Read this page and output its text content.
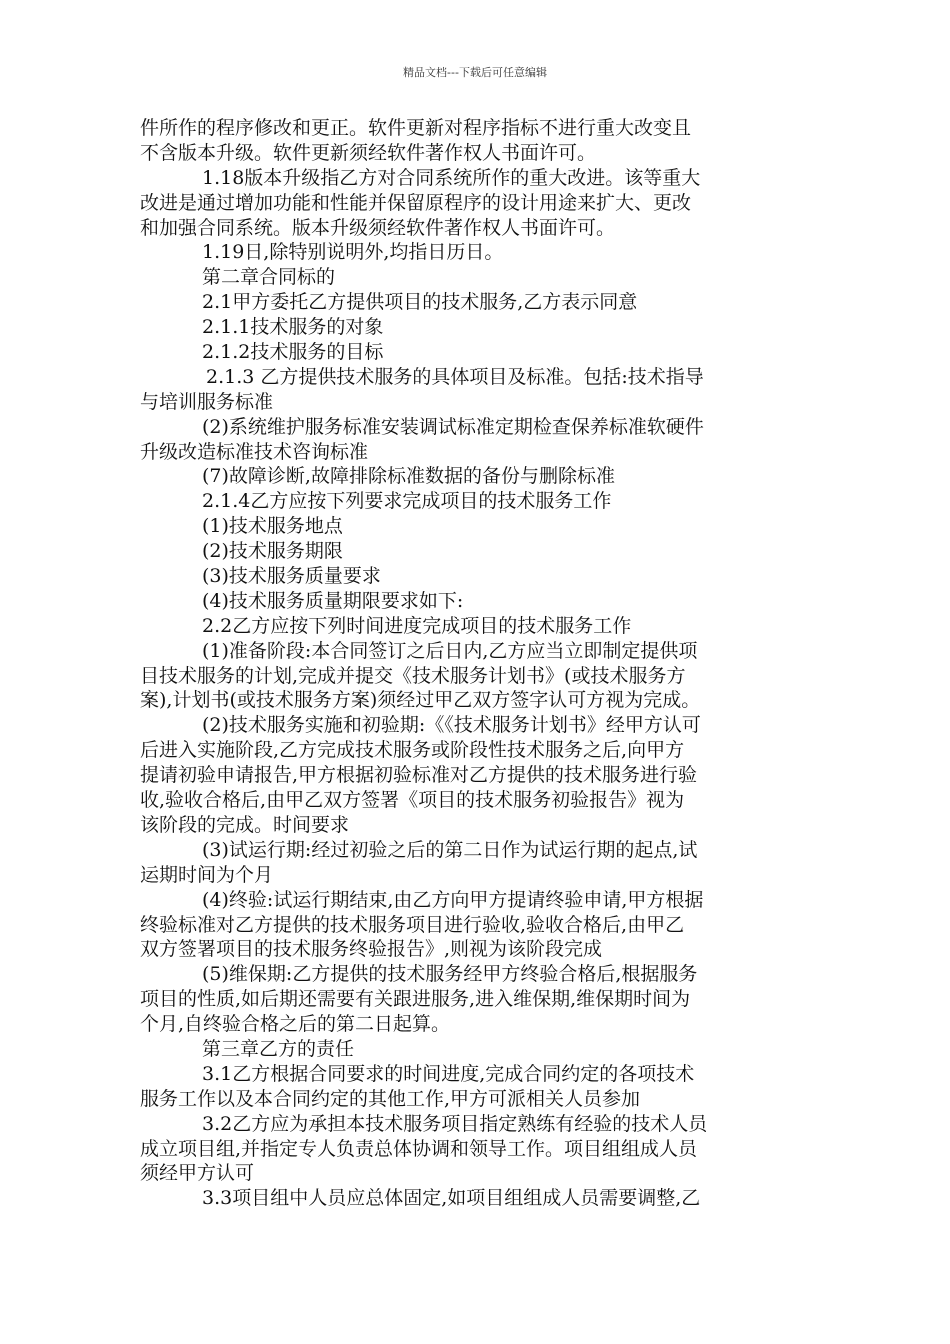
精品文档---下载后可任意编辑
件所作的程序修改和更正。软件更新对程序指标不进行重大改变且
不含版本升级。软件更新须经软件著作权人书面许可。
1.18版本升级指乙方对合同系统所作的重大改进。该等重大
改进是通过增加功能和性能并保留原程序的设计用途来扩大、更改
和加强合同系统。版本升级须经软件著作权人书面许可。
1.19日,除特别说明外,均指日历日。
第二章合同标的
2.1甲方委托乙方提供项目的技术服务,乙方表示同意
2.1.1技术服务的对象
2.1.2技术服务的目标
2.1.3 乙方提供技术服务的具体项目及标准。包括:技术指导
与培训服务标准
(2)系统维护服务标准安装调试标准定期检查保养标准软硬件
升级改造标准技术咨询标准
(7)故障诊断,故障排除标准数据的备份与删除标准
2.1.4乙方应按下列要求完成项目的技术服务工作
(1)技术服务地点
(2)技术服务期限
(3)技术服务质量要求
(4)技术服务质量期限要求如下:
2.2乙方应按下列时间进度完成项目的技术服务工作
(1)准备阶段:本合同签订之后日内,乙方应当立即制定提供项
目技术服务的计划,完成并提交《技术服务计划书》(或技术服务方
案),计划书(或技术服务方案)须经过甲乙双方签字认可方视为完成。
(2)技术服务实施和初验期:《《技术服务计划书》经甲方认可
后进入实施阶段,乙方完成技术服务或阶段性技术服务之后,向甲方
提请初验申请报告,甲方根据初验标准对乙方提供的技术服务进行验
收,验收合格后,由甲乙双方签署《项目的技术服务初验报告》视为
该阶段的完成。时间要求
(3)试运行期:经过初验之后的第二日作为试运行期的起点,试
运期时间为个月
(4)终验:试运行期结束,由乙方向甲方提请终验申请,甲方根据
终验标准对乙方提供的技术服务项目进行验收,验收合格后,由甲乙
双方签署项目的技术服务终验报告》,则视为该阶段完成
(5)维保期:乙方提供的技术服务经甲方终验合格后,根据服务
项目的性质,如后期还需要有关跟进服务,进入维保期,维保期时间为
个月,自终验合格之后的第二日起算。
第三章乙方的责任
3.1乙方根据合同要求的时间进度,完成合同约定的各项技术
服务工作以及本合同约定的其他工作,甲方可派相关人员参加
3.2乙方应为承担本技术服务项目指定熟练有经验的技术人员
成立项目组,并指定专人负责总体协调和领导工作。项目组组成人员
须经甲方认可
3.3项目组中人员应总体固定,如项目组组成人员需要调整,乙
